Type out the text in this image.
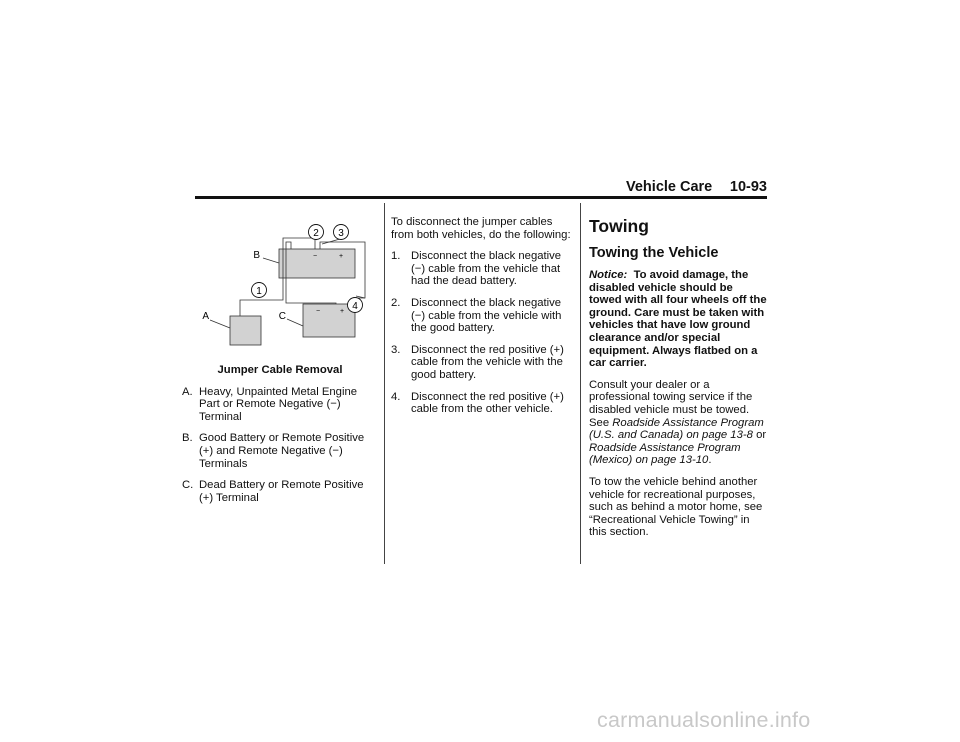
Vehicle Care 10-93
2 3
1
4
B
C
A
−	+
−	+
Jumper Cable Removal
A. Heavy, Unpainted Metal Engine Part or Remote Negative (−) Terminal
B. Good Battery or Remote Positive (+) and Remote Negative (−) Terminals
C. Dead Battery or Remote Positive (+) Terminal

To disconnect the jumper cables from both vehicles, do the following:

1. Disconnect the black negative (−) cable from the vehicle that had the dead battery.
2. Disconnect the black negative (−) cable from the vehicle with the good battery.
3. Disconnect the red positive (+) cable from the vehicle with the good battery.
4. Disconnect the red positive (+) cable from the other vehicle.
Towing
Towing the Vehicle

Notice: To avoid damage, the disabled vehicle should be towed with all four wheels off the ground. Care must be taken with vehicles that have low ground clearance and/or special equipment. Always flatbed on a car carrier.

Consult your dealer or a professional towing service if the disabled vehicle must be towed. See Roadside Assistance Program (U.S. and Canada) on page 13-8 or Roadside Assistance Program (Mexico) on page 13-10.

To tow the vehicle behind another vehicle for recreational purposes, such as behind a motor home, see “Recreational Vehicle Towing” in this section.

carmanualsonline.info
